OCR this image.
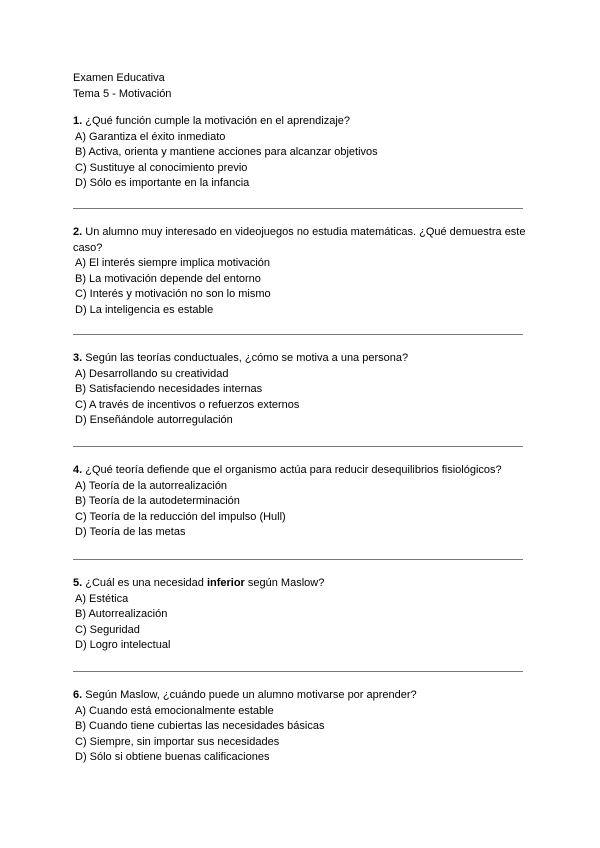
Examen Educativa
Tema 5 - Motivación
1. ¿Qué función cumple la motivación en el aprendizaje?
A) Garantiza el éxito inmediato
B) Activa, orienta y mantiene acciones para alcanzar objetivos
C) Sustituye al conocimiento previo
D) Sólo es importante en la infancia
2. Un alumno muy interesado en videojuegos no estudia matemáticas. ¿Qué demuestra este caso?
A) El interés siempre implica motivación
B) La motivación depende del entorno
C) Interés y motivación no son lo mismo
D) La inteligencia es estable
3. Según las teorías conductuales, ¿cómo se motiva a una persona?
A) Desarrollando su creatividad
B) Satisfaciendo necesidades internas
C) A través de incentivos o refuerzos externos
D) Enseñándole autorregulación
4. ¿Qué teoría defiende que el organismo actúa para reducir desequilibrios fisiológicos?
A) Teoría de la autorrealización
B) Teoría de la autodeterminación
C) Teoría de la reducción del impulso (Hull)
D) Teoría de las metas
5. ¿Cuál es una necesidad inferior según Maslow?
A) Estética
B) Autorrealización
C) Seguridad
D) Logro intelectual
6. Según Maslow, ¿cuándo puede un alumno motivarse por aprender?
A) Cuando está emocionalmente estable
B) Cuando tiene cubiertas las necesidades básicas
C) Siempre, sin importar sus necesidades
D) Sólo si obtiene buenas calificaciones
